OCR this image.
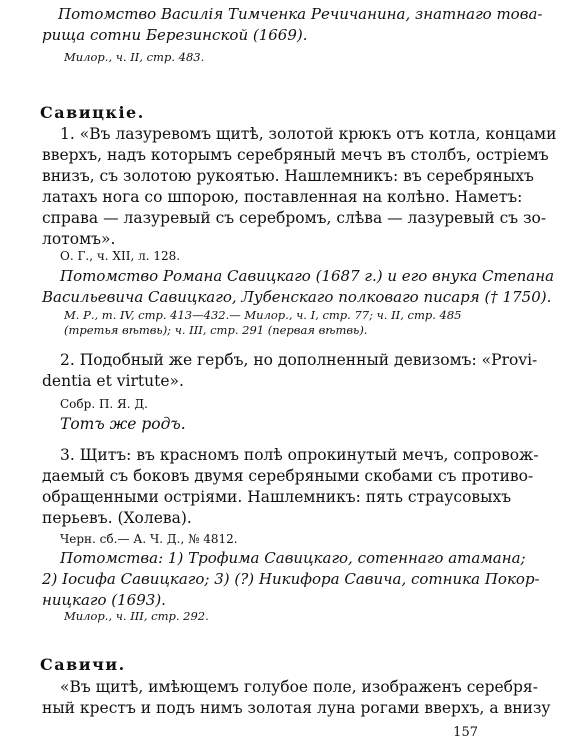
Потомство Василія Тимченка Речичанина, знатнаго това-
рища сотни Березинской (1669).
Милор., ч. II, стр. 483.
Савицкіе.
1. «Въ лазуревомъ щитѣ, золотой крюкъ отъ котла, концами
вверхъ, надъ которымъ серебряный мечъ въ столбъ, остріемъ
внизъ, съ золотою рукоятью. Нашлемникъ: въ серебряныхъ
латахъ нога со шпорою, поставленная на колѣно. Наметъ:
справа — лазуревый съ серебромъ, слѣва — лазуревый съ зо-
лотомъ».
О. Г., ч. XII, л. 128.
Потомство Романа Савицкаго (1687 г.) и его внука Степана
Васильевича Савицкаго, Лубенскаго полковаго писаря († 1750).
М. Р., т. IV, стр. 413—432.— Милор., ч. I, стр. 77; ч. II, стр. 485
(третья вѣтвь); ч. III, стр. 291 (первая вѣтвь).
2. Подобный же гербъ, но дополненный девизомъ: «Provi-
dentia et virtute».
Собр. П. Я. Д.
Тотъ же родъ.
3. Щитъ: въ красномъ полѣ опрокинутый мечъ, сопровож-
даемый съ боковъ двумя серебряными скобами съ противо-
обращенными остріями. Нашлемникъ: пять страусовыхъ
перьевъ. (Холева).
Черн. сб.— А. Ч. Д., № 4812.
Потомства: 1) Трофима Савицкаго, сотеннаго атамана;
2) Іосифа Савицкаго; 3) (?) Никифора Савича, сотника Покор-
ницкаго (1693).
Милор., ч. III, стр. 292.
Савичи.
«Въ щитѣ, имѣющемъ голубое поле, изображенъ серебря-
ный крестъ и подъ нимъ золотая луна рогами вверхъ, а внизу
157
